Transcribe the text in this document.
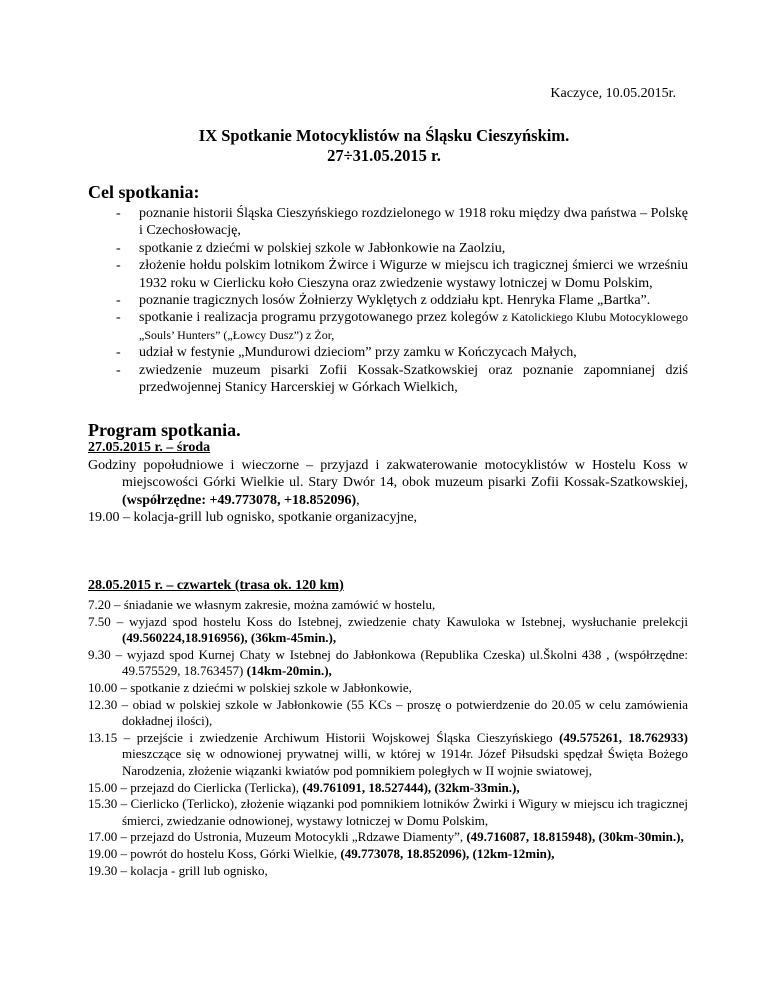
Kaczyce, 10.05.2015r.
IX Spotkanie Motocyklistów na Śląsku Cieszyńskim.
27÷31.05.2015 r.
Cel spotkania:
- poznanie historii Śląska Cieszyńskiego rozdzielonego w 1918 roku między dwa państwa – Polskę i Czechosłowację,
- spotkanie z dziećmi w polskiej szkole w Jabłonkowie na Zaolziu,
- złożenie hołdu polskim lotnikom Żwirce i Wigurze w miejscu ich tragicznej śmierci we wrześniu 1932 roku w Cierlicku koło Cieszyna oraz zwiedzenie wystawy lotniczej w Domu Polskim,
- poznanie tragicznych losów Żołnierzy Wyklętych z oddziału kpt. Henryka Flame „Bartka”.
- spotkanie i realizacja programu przygotowanego przez kolegów z Katolickiego Klubu Motocyklowego „Souls’ Hunters” („Łowcy Dusz”) z Żor,
- udział w festynie „Mundurowi dzieciom” przy zamku w Kończycach Małych,
- zwiedzenie muzeum pisarki Zofii Kossak-Szatkowskiej oraz poznanie zapomnianej dziś przedwojennej Stanicy Harcerskiej w Górkach Wielkich,
Program spotkania.
27.05.2015 r. – środa
Godziny popołudniowe i wieczorne – przyjazd i zakwaterowanie motocyklistów w Hostelu Koss w miejscowości Górki Wielkie ul. Stary Dwór 14, obok muzeum pisarki Zofii Kossak-Szatkowskiej, (współrzędne: +49.773078, +18.852096),
19.00 – kolacja-grill lub ognisko, spotkanie organizacyjne,
28.05.2015 r. – czwartek (trasa ok. 120 km)
7.20 – śniadanie we własnym zakresie, można zamówić w hostelu,
7.50 – wyjazd spod hostelu Koss do Istebnej, zwiedzenie chaty Kawuloka w Istebnej, wysłuchanie prelekcji (49.560224,18.916956), (36km-45min.),
9.30 – wyjazd spod Kurnej Chaty w Istebnej do Jabłonkowa (Republika Czeska) ul.Školni 438 , (współrzędne: 49.575529, 18.763457) (14km-20min.),
10.00 – spotkanie z dziećmi w polskiej szkole w Jabłonkowie,
12.30 – obiad w polskiej szkole w Jabłonkowie (55 KCs – proszę o potwierdzenie do 20.05 w celu zamówienia dokładnej ilości),
13.15 – przejście i zwiedzenie Archiwum Historii Wojskowej Śląska Cieszyńskiego (49.575261, 18.762933) mieszczące się w odnowionej prywatnej willi, w której w 1914r. Józef Piłsudski spędzał Święta Bożego Narodzenia, złożenie wiązanki kwiatów pod pomnikiem poległych w II wojnie swiatowej,
15.00 – przejazd do Cierlicka (Terlicka), (49.761091, 18.527444), (32km-33min.),
15.30 – Cierlicko (Terlicko), złożenie wiązanki pod pomnikiem lotników Żwirki i Wigury w miejscu ich tragicznej śmierci, zwiedzanie odnowionej, wystawy lotniczej w Domu Polskim,
17.00 – przejazd do Ustronia, Muzeum Motocykli „Rdzawe Diamenty”, (49.716087, 18.815948), (30km-30min.),
19.00 – powrót do hostelu Koss, Górki Wielkie, (49.773078, 18.852096), (12km-12min),
19.30 – kolacja - grill lub ognisko,
